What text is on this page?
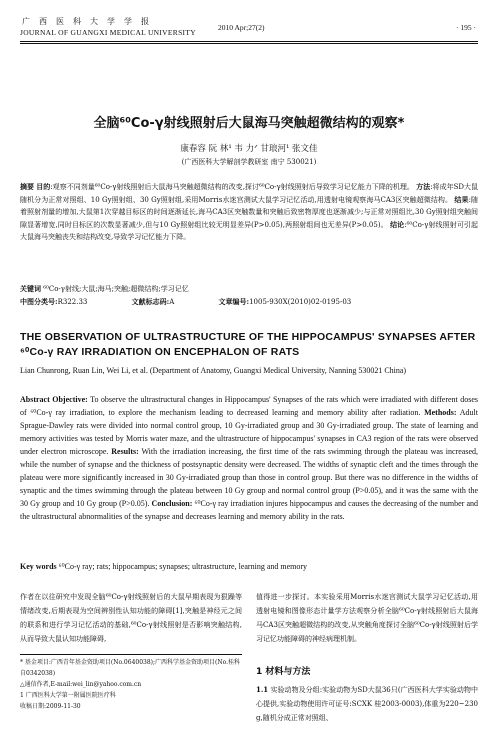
广西医科大学学报
JOURNAL OF GUANGXI MEDICAL UNIVERSITY
2010 Apr;27(2)	· 195 ·
全脑⁶⁰Co-γ射线照射后大鼠海马突触超微结构的观察*
康春容 阮 林¹ 韦 力ᐟ 甘琅河¹ 张文佳
(广西医科大学解剖学教研室 南宁 530021)
摘要 目的:观察不同剂量⁶⁰Co-γ射线照射后大鼠海马突触超微结构的改变,探讨⁶⁰Co-γ射线照射后导致学习记忆能力下降的机理。 方法:将成年SD大鼠随机分为正常对照组、10 Gy照射组、30 Gy照射组,采用Morris水迷宫测试大鼠学习记忆活动,用透射电镜观察海马CA3区突触超微结构。 结果:随着照射剂量的增加,大鼠第1次穿越目标区的时间逐渐延长,海马CA3区突触数量和突触后致密物厚度也逐渐减少;与正常对照组比,30 Gy照射组突触间隙显著增宽,同时目标区的次数显著减少,但与10 Gy照射组比较无明显差异(P>0.05),两照射组间也无差异(P>0.05)。 结论:⁶⁰Co-γ射线照射可引起大鼠海马突触丧失和结构改变,导致学习记忆能力下降。
关键词 ⁶⁰Co-γ射线;大鼠;海马;突触;超微结构;学习记忆
中图分类号:R322.33	文献标志码:A	文章编号:1005-930X(2010)02-0195-03
THE OBSERVATION OF ULTRASTRUCTURE OF THE HIPPOCAMPUS' SYNAPSES AFTER
⁶⁰Co-γ RAY IRRADIATION ON ENCEPHALON OF RATS
Lian Chunrong, Ruan Lin, Wei Li, et al. (Department of Anatomy, Guangxi Medical University, Nanning 530021 China)
Abstract Objective: To observe the ultrastructural changes in Hippocampus' Synapses of the rats which were irradiated with different doses of ⁶⁰Co-γ ray irradiation, to explore the mechanism leading to decreased learning and memory ability after radiation. Methods: Adult Sprague-Dawley rats were divided into normal control group, 10 Gy-irradiated group and 30 Gy-irradiated group. The state of learning and memory activities was tested by Morris water maze, and the ultrastructure of hippocampus' synapses in CA3 region of the rats were observed under electron microscope. Results: With the irradiation increasing, the first time of the rats swimming through the plateau was increased, while the number of synapse and the thickness of postsynaptic density were decreased. The widths of synaptic cleft and the times through the plateau were more significantly increased in 30 Gy-irradiated group than those in control group. But there was no difference in the widths of synaptic and the times swimming through the plateau between 10 Gy group and normal control group (P>0.05), and it was the same with the 30 Gy group and 10 Gy group (P>0.05). Conclusion: ⁶⁰Co-γ ray irradiation injures hippocampus and causes the decreasing of the number and the ultrastructural abnormalities of the synapse and decreases learning and memory ability in the rats.
Key words ⁶⁰Co-γ ray; rats; hippocampus; synapses; ultrastructure, learning and memory
作者在以往研究中发现全脑⁶⁰Co-γ射线照射后的大鼠早期表现为狠躁等情绪改变,后期表现为空间辨别性认知功能的障碍[1],突触是神经元之间的联系和进行学习记忆活动的基础,⁶⁰Co-γ射线照射是否影响突触结构,从而导致大鼠认知功能障碍,
* 基金项目:广西青年基金资助项目(No.0640038);广西科学基金资助项目(No.桂科自0342038)
△通信作者,E-mail:wei_lin@yahoo.com.cn
1 广西医科大学第一附属医院医疗科
收稿日期:2009-11-30
值得进一步探讨。本实验采用Morris水迷宫测试大鼠学习记忆活动,用透射电镜和图像形态计量学方法观察分析全脑⁶⁰Co-γ射线照射后大鼠海马CA3区突触超微结构的改变,从突触角度探讨全脑⁶⁰Co-γ射线照射后学习记忆功能障碍的神经病理机制。
1 材料与方法
1.1 实验动物及分组:实验动物为SD大鼠36只(广西医科大学实验动物中心提供,实验动物使用许可证号:SCXK 桂2003-0003),体重为220~230 g,随机分成正常对照组、
